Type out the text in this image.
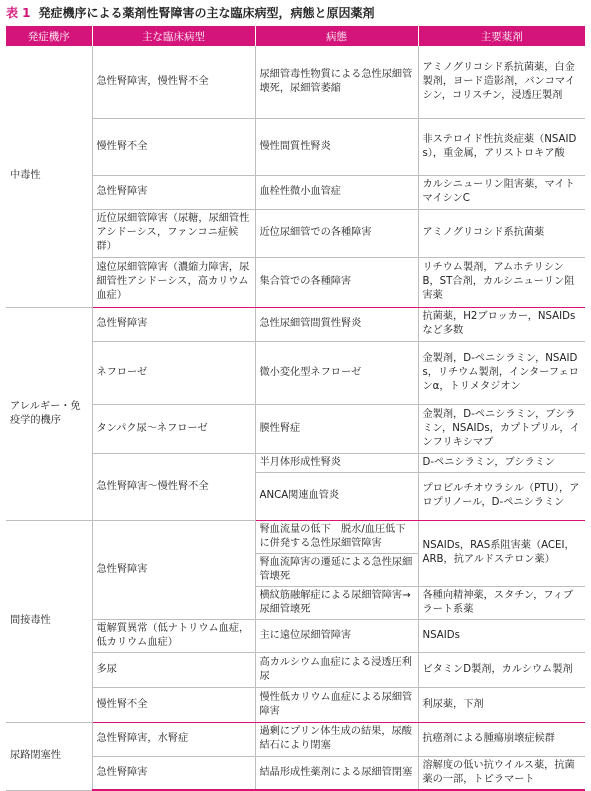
表 1 発症機序による薬剤性腎障害の主な臨床病型，病態と原因薬剤
発症機序	主な臨床病型	病態	主要薬剤
中毒性	急性腎障害，慢性腎不全	尿細管毒性物質による急性尿細管壊死，尿細管萎縮	アミノグリコシド系抗菌薬，白金製剤，ヨード造影剤，バンコマイシン，コリスチン，浸透圧製剤
	慢性腎不全	慢性間質性腎炎	非ステロイド性抗炎症薬（NSAIDs），重金属，アリストロキア酸
	急性腎障害	血栓性微小血管症	カルシニューリン阻害薬，マイトマイシンC
	近位尿細管障害（尿糖，尿細管性アシドーシス，ファンコニ症候群）	近位尿細管での各種障害	アミノグリコシド系抗菌薬
	遠位尿細管障害（濃縮力障害，尿細管性アシドーシス，高カリウム血症）	集合管での各種障害	リチウム製剤，アムホテリシンB，ST合剤，カルシニューリン阻害薬
アレルギー・免疫学的機序	急性腎障害	急性尿細管間質性腎炎	抗菌薬，H2ブロッカー，NSAIDsなど多数
	ネフローゼ	微小変化型ネフローゼ	金製剤，D-ペニシラミン，NSAIDs，リチウム製剤，インターフェロンα，トリメタジオン
	タンパク尿～ネフローゼ	膜性腎症	金製剤，D-ペニシラミン，ブシラミン，NSAIDs，カプトプリル，インフリキシマブ
	急性腎障害～慢性腎不全	半月体形成性腎炎	D-ペニシラミン，ブシラミン
		ANCA関連血管炎	プロピルチオウラシル（PTU），アロプリノール，D-ペニシラミン
間接毒性	急性腎障害	腎血流量の低下　脱水/血圧低下に併発する急性尿細管障害	NSAIDs，RAS系阻害薬（ACEI，ARB，抗アルドステロン薬）
		腎血流障害の遷延による急性尿細管壊死	
		横紋筋融解症による尿細管障害→尿細管壊死	各種向精神薬，スタチン，フィブラート系薬
	電解質異常（低ナトリウム血症，低カリウム血症）	主に遠位尿細管障害	NSAIDs
	多尿	高カルシウム血症による浸透圧利尿	ビタミンD製剤，カルシウム製剤
	慢性腎不全	慢性低カリウム血症による尿細管障害	利尿薬，下剤
尿路閉塞性	急性腎障害，水腎症	過剰にプリン体生成の結果，尿酸結石により閉塞	抗癌剤による腫瘍崩壊症候群
	急性腎障害	結晶形成性薬剤による尿細管閉塞	溶解度の低い抗ウイルス薬，抗菌薬の一部，トピラマート
